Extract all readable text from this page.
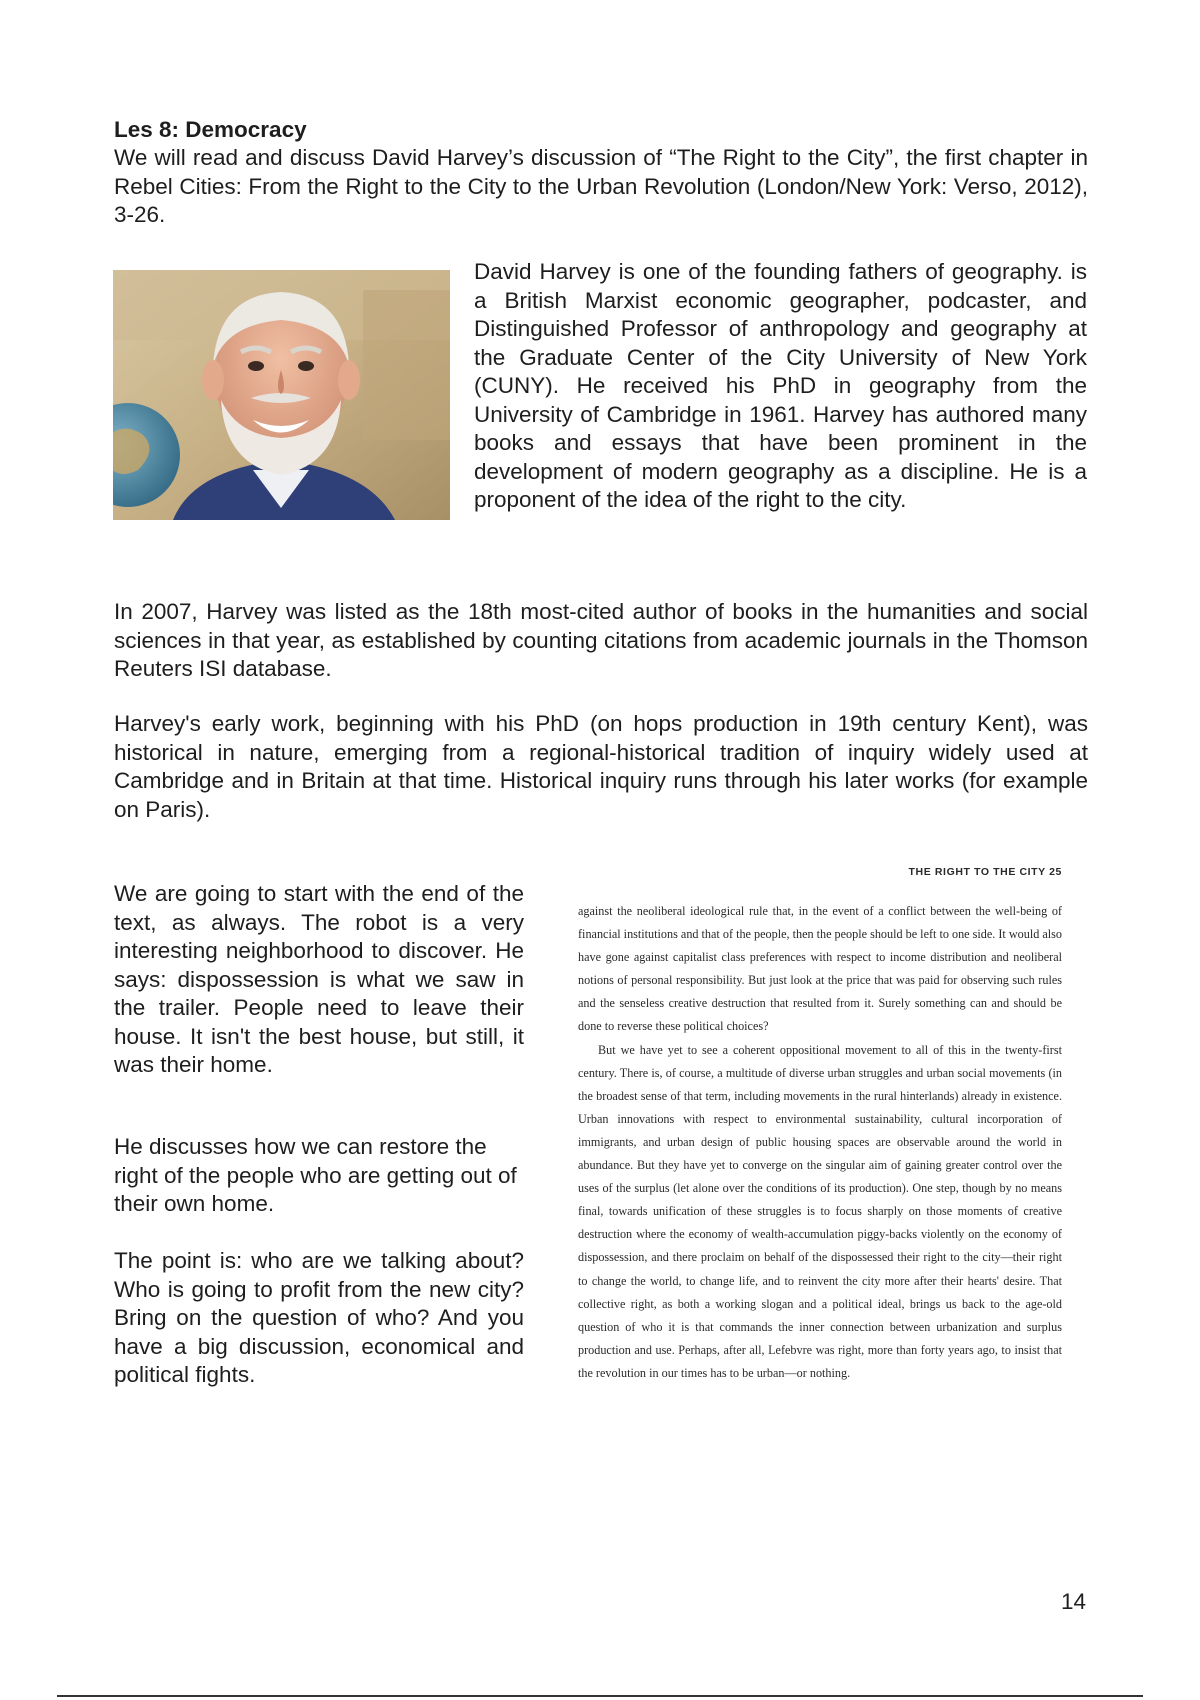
Les 8: Democracy

We will read and discuss David Harvey’s discussion of “The Right to the City”, the first chapter in Rebel Cities: From the Right to the City to the Urban Revolution (London/New York: Verso, 2012), 3-26.

David Harvey is one of the founding fathers of geography. is a British Marxist economic geographer, podcaster, and Distinguished Professor of anthropology and geography at the Graduate Center of the City University of New York (CUNY). He received his PhD in geography from the University of Cambridge in 1961. Harvey has authored many books and essays that have been prominent in the development of modern geography as a discipline. He is a proponent of the idea of the right to the city.

In 2007, Harvey was listed as the 18th most-cited author of books in the humanities and social sciences in that year, as established by counting citations from academic journals in the Thomson Reuters ISI database.

Harvey's early work, beginning with his PhD (on hops production in 19th century Kent), was historical in nature, emerging from a regional-historical tradition of inquiry widely used at Cambridge and in Britain at that time. Historical inquiry runs through his later works (for example on Paris).

We are going to start with the end of the text, as always. The robot is a very interesting neighborhood to discover. He says: dispossession is what we saw in the trailer. People need to leave their house. It isn't the best house, but still, it was their home.

He discusses how we can restore the right of the people who are getting out of their own home.

The point is: who are we talking about? Who is going to profit from the new city? Bring on the question of who? And you have a big discussion, economical and political fights.

THE RIGHT TO THE CITY 25

against the neoliberal ideological rule that, in the event of a conflict between the well-being of financial institutions and that of the people, then the people should be left to one side. It would also have gone against capitalist class preferences with respect to income distribution and neoliberal notions of personal responsibility. But just look at the price that was paid for observing such rules and the senseless creative destruction that resulted from it. Surely something can and should be done to reverse these political choices?

But we have yet to see a coherent oppositional movement to all of this in the twenty-first century. There is, of course, a multitude of diverse urban struggles and urban social movements (in the broadest sense of that term, including movements in the rural hinterlands) already in existence. Urban innovations with respect to environmental sustainability, cultural incorporation of immigrants, and urban design of public housing spaces are observable around the world in abundance. But they have yet to converge on the singular aim of gaining greater control over the uses of the surplus (let alone over the conditions of its production). One step, though by no means final, towards unification of these struggles is to focus sharply on those moments of creative destruction where the economy of wealth-accumulation piggy-backs violently on the economy of dispossession, and there proclaim on behalf of the dispossessed their right to the city—their right to change the world, to change life, and to reinvent the city more after their hearts' desire. That collective right, as both a working slogan and a political ideal, brings us back to the age-old question of who it is that commands the inner connection between urbanization and surplus production and use. Perhaps, after all, Lefebvre was right, more than forty years ago, to insist that the revolution in our times has to be urban—or nothing.

14
